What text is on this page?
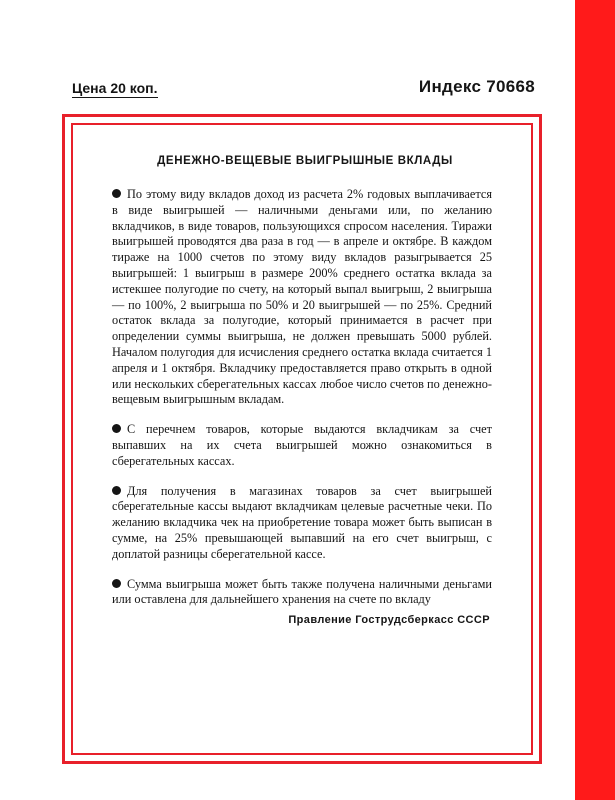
Цена 20 коп.	Индекс 70668
ДЕНЕЖНО-ВЕЩЕВЫЕ ВЫИГРЫШНЫЕ ВКЛАДЫ

По этому виду вкладов доход из расчета 2% годовых выплачивается в виде выигрышей — наличными деньгами или, по желанию вкладчиков, в виде товаров, пользующихся спросом населения. Тиражи выигрышей проводятся два раза в год — в апреле и октябре. В каждом тираже на 1000 счетов по этому виду вкладов разыгрывается 25 выигрышей: 1 выигрыш в размере 200% среднего остатка вклада за истекшее полугодие по счету, на который выпал выигрыш, 2 выигрыша — по 100%, 2 выигрыша по 50% и 20 выигрышей — по 25%. Средний остаток вклада за полугодие, который принимается в расчет при определении суммы выигрыша, не должен превышать 5000 рублей. Началом полугодия для исчисления среднего остатка вклада считается 1 апреля и 1 октября. Вкладчику предоставляется право открыть в одной или нескольких сберегательных кассах любое число счетов по денежно-вещевым выигрышным вкладам.

С перечнем товаров, которые выдаются вкладчикам за счет выпавших на их счета выигрышей можно ознакомиться в сберегательных кассах.

Для получения в магазинах товаров за счет выигрышей сберегательные кассы выдают вкладчикам целевые расчетные чеки. По желанию вкладчика чек на приобретение товара может быть выписан в сумме, на 25% превышающей выпавший на его счет выигрыш, с доплатой разницы сберегательной кассе.

Сумма выигрыша может быть также получена наличными деньгами или оставлена для дальнейшего хранения на счете по вкладу

Правление Гострудсберкасс СССР
